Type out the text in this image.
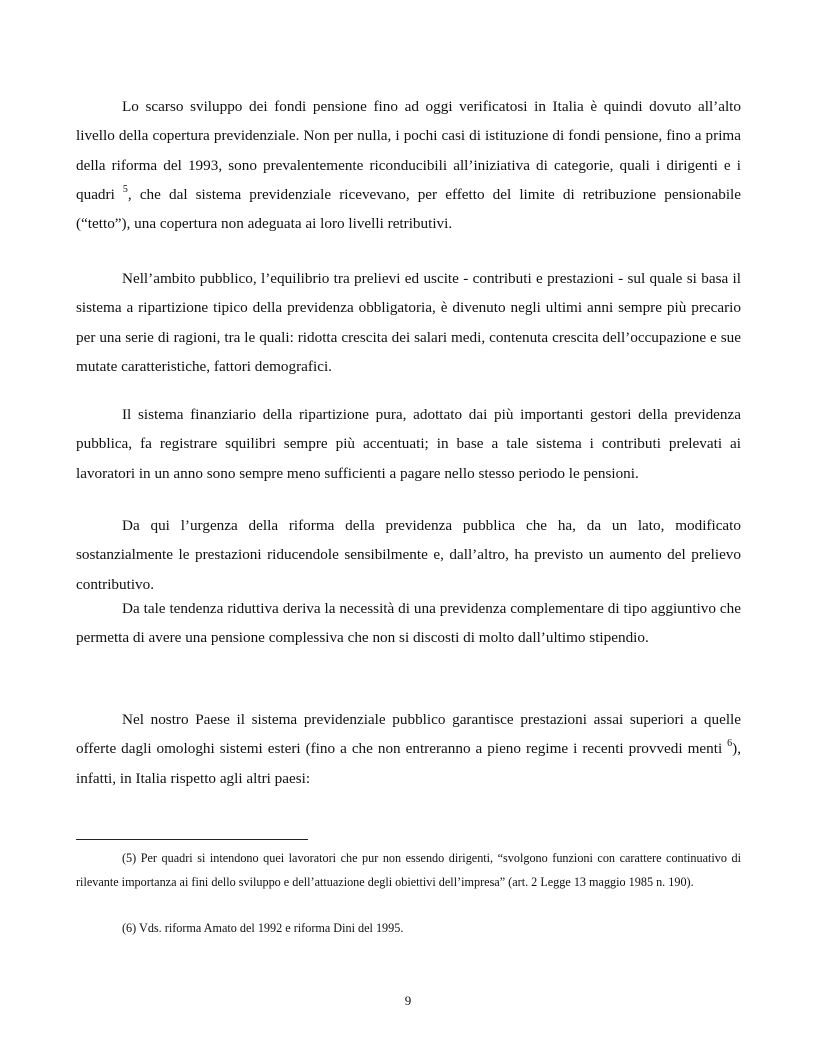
Lo scarso sviluppo dei fondi pensione fino ad oggi verificatosi in Italia è quindi dovuto all’alto livello della copertura previdenziale. Non per nulla, i pochi casi di istituzione di fondi pensione, fino a prima della riforma del 1993, sono prevalentemente riconducibili all’iniziativa di categorie, quali i dirigenti e i quadri $^5$, che dal sistema previdenziale ricevevano, per effetto del limite di retribuzione pensionabile (“tetto”), una copertura non adeguata ai loro livelli retributivi.

Nell’ambito pubblico, l’equilibrio tra prelievi ed uscite - contributi e prestazioni - sul quale si basa il sistema a ripartizione tipico della previdenza obbligatoria, è divenuto negli ultimi anni sempre più precario per una serie di ragioni, tra le quali: ridotta crescita dei salari medi, contenuta crescita dell’occupazione e sue mutate caratteristiche, fattori demografici.

Il sistema finanziario della ripartizione pura, adottato dai più importanti gestori della previdenza pubblica, fa registrare squilibri sempre più accentuati; in base a tale sistema i contributi prelevati ai lavoratori in un anno sono sempre meno sufficienti a pagare nello stesso periodo le pensioni.

Da qui l’urgenza della riforma della previdenza pubblica che ha, da un lato, modificato sostanzialmente le prestazioni riducendole sensibilmente e, dall’altro, ha previsto un aumento del prelievo contributivo.

Da tale tendenza riduttiva deriva la necessità di una previdenza complementare di tipo aggiuntivo che permetta di avere una pensione complessiva che non si discosti di molto dall’ultimo stipendio.

Nel nostro Paese il sistema previdenziale pubblico garantisce prestazioni assai superiori a quelle offerte dagli omologhi sistemi esteri (fino a che non entreranno a pieno regime i recenti provvedi menti $^6$), infatti, in Italia rispetto agli altri paesi:

(5) Per quadri si intendono quei lavoratori che pur non essendo dirigenti, “svolgono funzioni con carattere continuativo di rilevante importanza ai fini dello sviluppo e dell’attuazione degli obiettivi dell’impresa” (art. 2 Legge 13 maggio 1985 n. 190).

(6) Vds. riforma Amato del 1992 e riforma Dini del 1995.

9
